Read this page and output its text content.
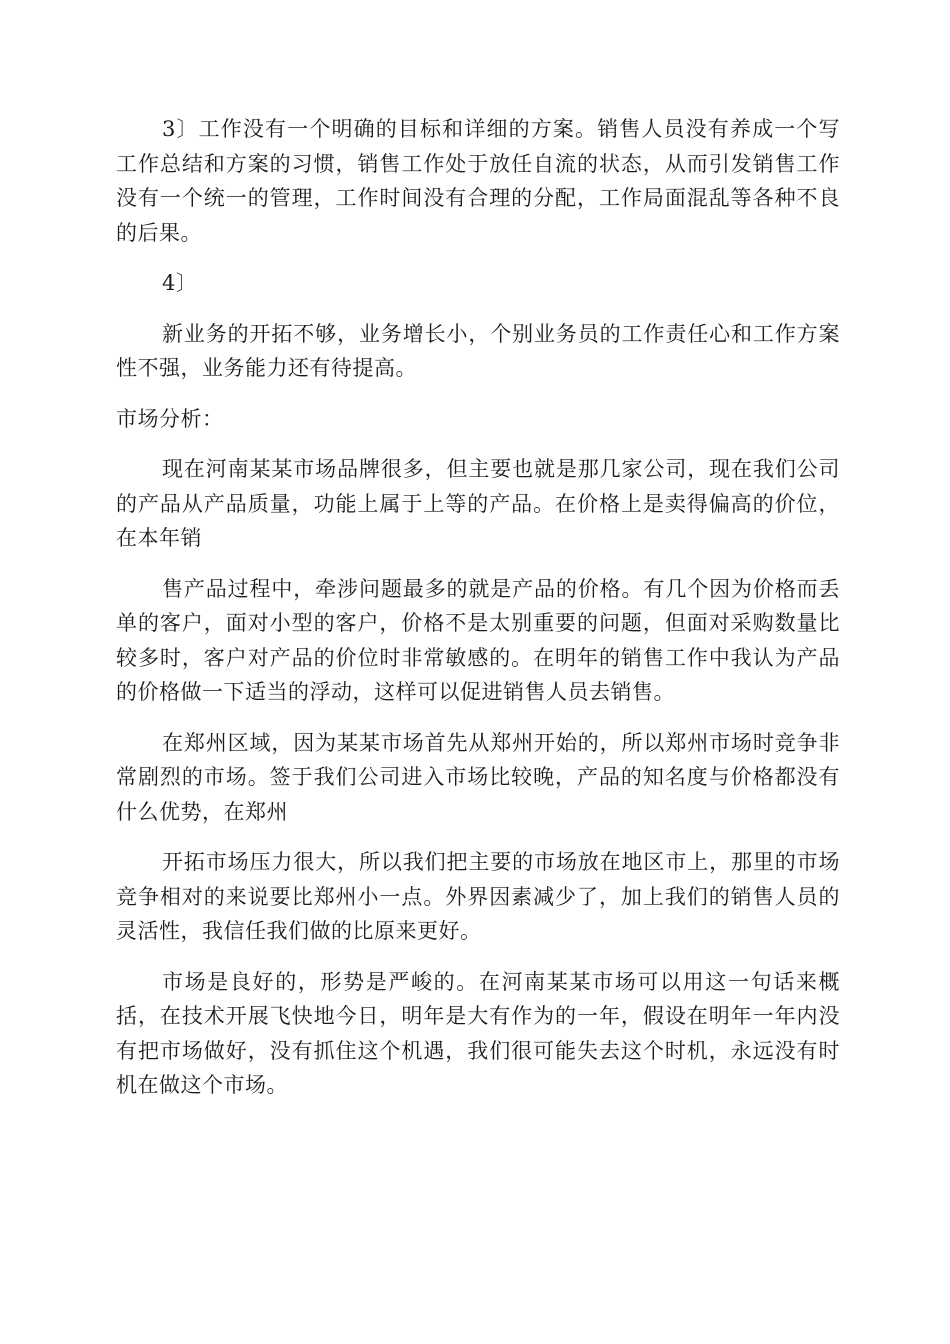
3〕工作没有一个明确的目标和详细的方案。销售人员没有养成一个写工作总结和方案的习惯，销售工作处于放任自流的状态，从而引发销售工作没有一个统一的管理，工作时间没有合理的分配，工作局面混乱等各种不良的后果。

4〕

新业务的开拓不够，业务增长小，个别业务员的工作责任心和工作方案性不强，业务能力还有待提高。

市场分析：

现在河南某某市场品牌很多，但主要也就是那几家公司，现在我们公司的产品从产品质量，功能上属于上等的产品。在价格上是卖得偏高的价位，在本年销

售产品过程中，牵涉问题最多的就是产品的价格。有几个因为价格而丢单的客户，面对小型的客户，价格不是太别重要的问题，但面对采购数量比较多时，客户对产品的价位时非常敏感的。在明年的销售工作中我认为产品的价格做一下适当的浮动，这样可以促进销售人员去销售。

在郑州区域，因为某某市场首先从郑州开始的，所以郑州市场时竞争非常剧烈的市场。签于我们公司进入市场比较晚，产品的知名度与价格都没有什么优势，在郑州

开拓市场压力很大，所以我们把主要的市场放在地区市上，那里的市场竞争相对的来说要比郑州小一点。外界因素减少了，加上我们的销售人员的灵活性，我信任我们做的比原来更好。

市场是良好的，形势是严峻的。在河南某某市场可以用这一句话来概括，在技术开展飞快地今日，明年是大有作为的一年，假设在明年一年内没有把市场做好，没有抓住这个机遇，我们很可能失去这个时机，永远没有时机在做这个市场。
